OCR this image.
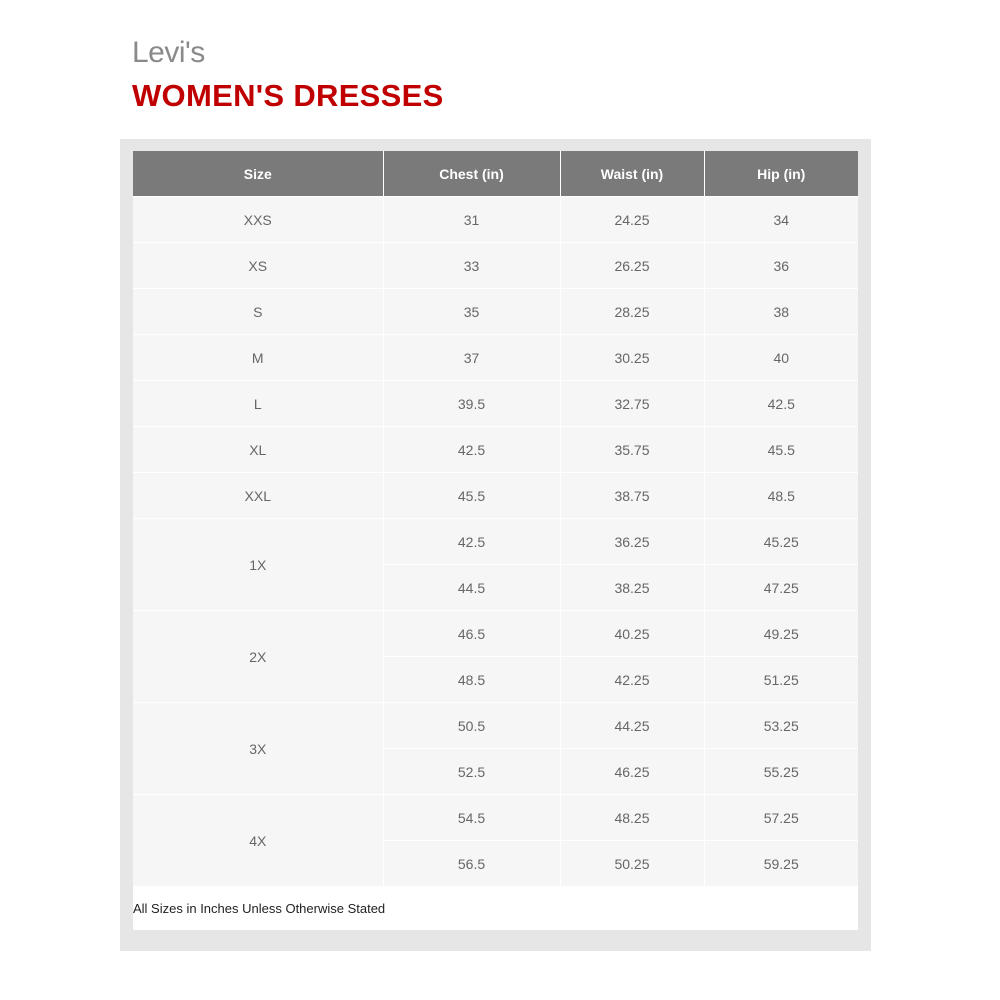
Levi's
WOMEN'S DRESSES
Size	Chest (in)	Waist (in)	Hip (in)
XXS	31	24.25	34
XS	33	26.25	36
S	35	28.25	38
M	37	30.25	40
L	39.5	32.75	42.5
XL	42.5	35.75	45.5
XXL	45.5	38.75	48.5
1X	42.5	36.25	45.25
	44.5	38.25	47.25
2X	46.5	40.25	49.25
	48.5	42.25	51.25
3X	50.5	44.25	53.25
	52.5	46.25	55.25
4X	54.5	48.25	57.25
	56.5	50.25	59.25
All Sizes in Inches Unless Otherwise Stated			
